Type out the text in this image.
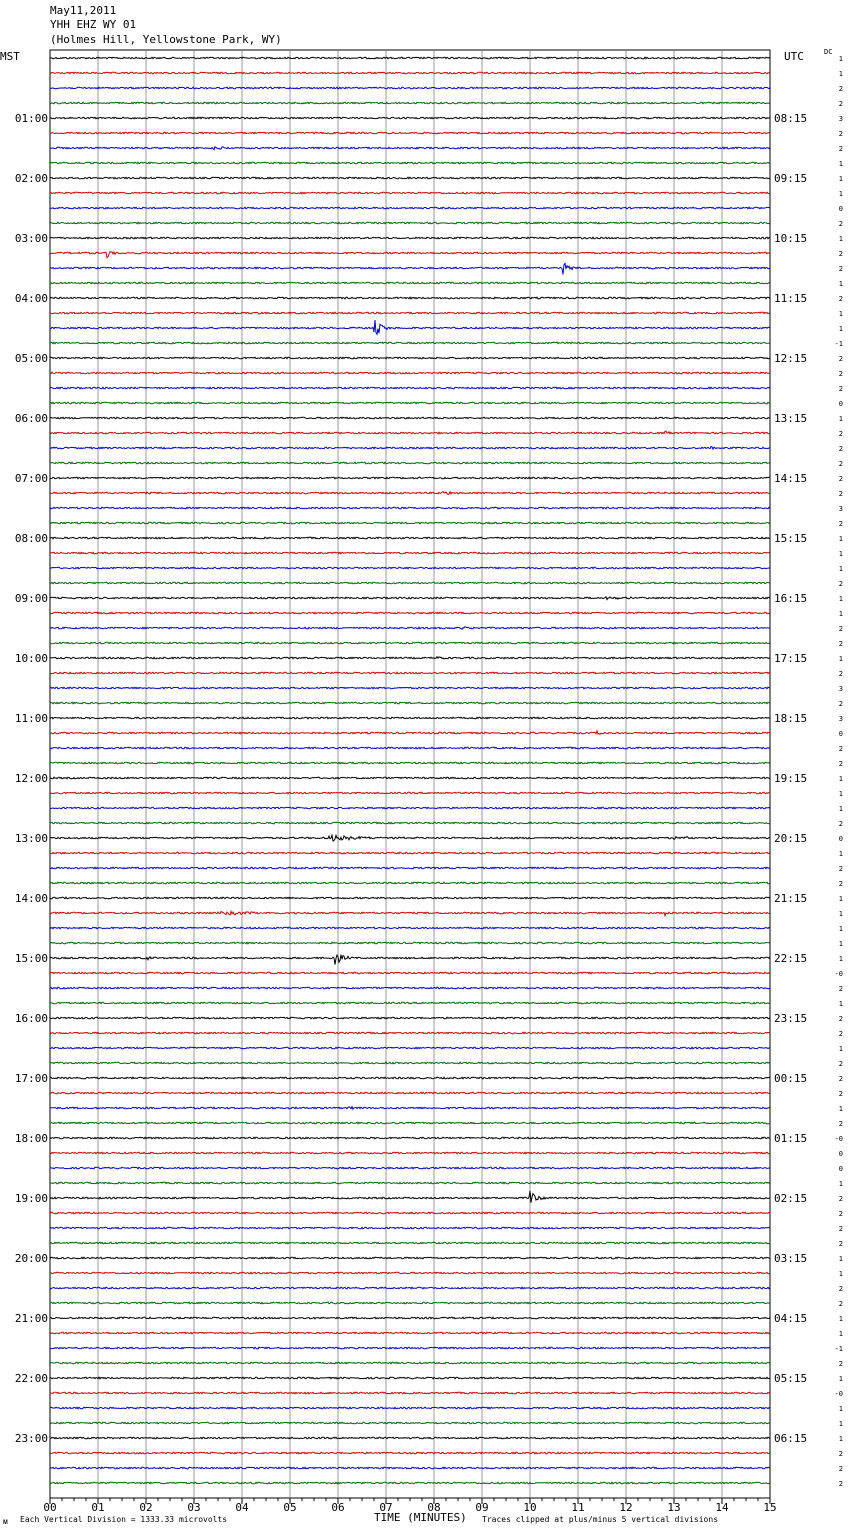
May11,2011
YHH EHZ WY 01
(Holmes Hill, Yellowstone Park, WY)
MST	UTC	DC
00	01	02	03	04	05	06	07	08	09	10	11	12	13	14	15
1
1
2
2
3
2
2
1
1
1
0
2
1
2
2
1
2
1
1
-1
2
2
2
0
1
2
2
2
2
2
3
2
1
1
1
2
1
1
2
2
1
2
3
2
3
0
2
2
1
1
1
2
0
1
2
2
1
1
1
1
1
-0
2
1
2
2
1
2
2
2
1
2
-0
0
0
1
2
2
2
2
1
1
2
2
1
1
-1
2
1
-0
1
1
1
2
2
2
01:00
02:00
03:00
04:00
05:00
06:00
07:00
08:00
09:00
10:00
11:00
12:00
13:00
14:00
15:00
16:00
17:00
18:00
19:00
20:00
21:00
22:00
23:00
08:15
09:15
10:15
11:15
12:15
13:15
14:15
15:15
16:15
17:15
18:15
19:15
20:15
21:15
22:15
23:15
00:15
01:15
02:15
03:15
04:15
05:15
06:15
Each Vertical Division = 1333.33 microvolts	TIME (MINUTES) Traces clipped at plus/minus 5 vertical divisions
ᴍ
